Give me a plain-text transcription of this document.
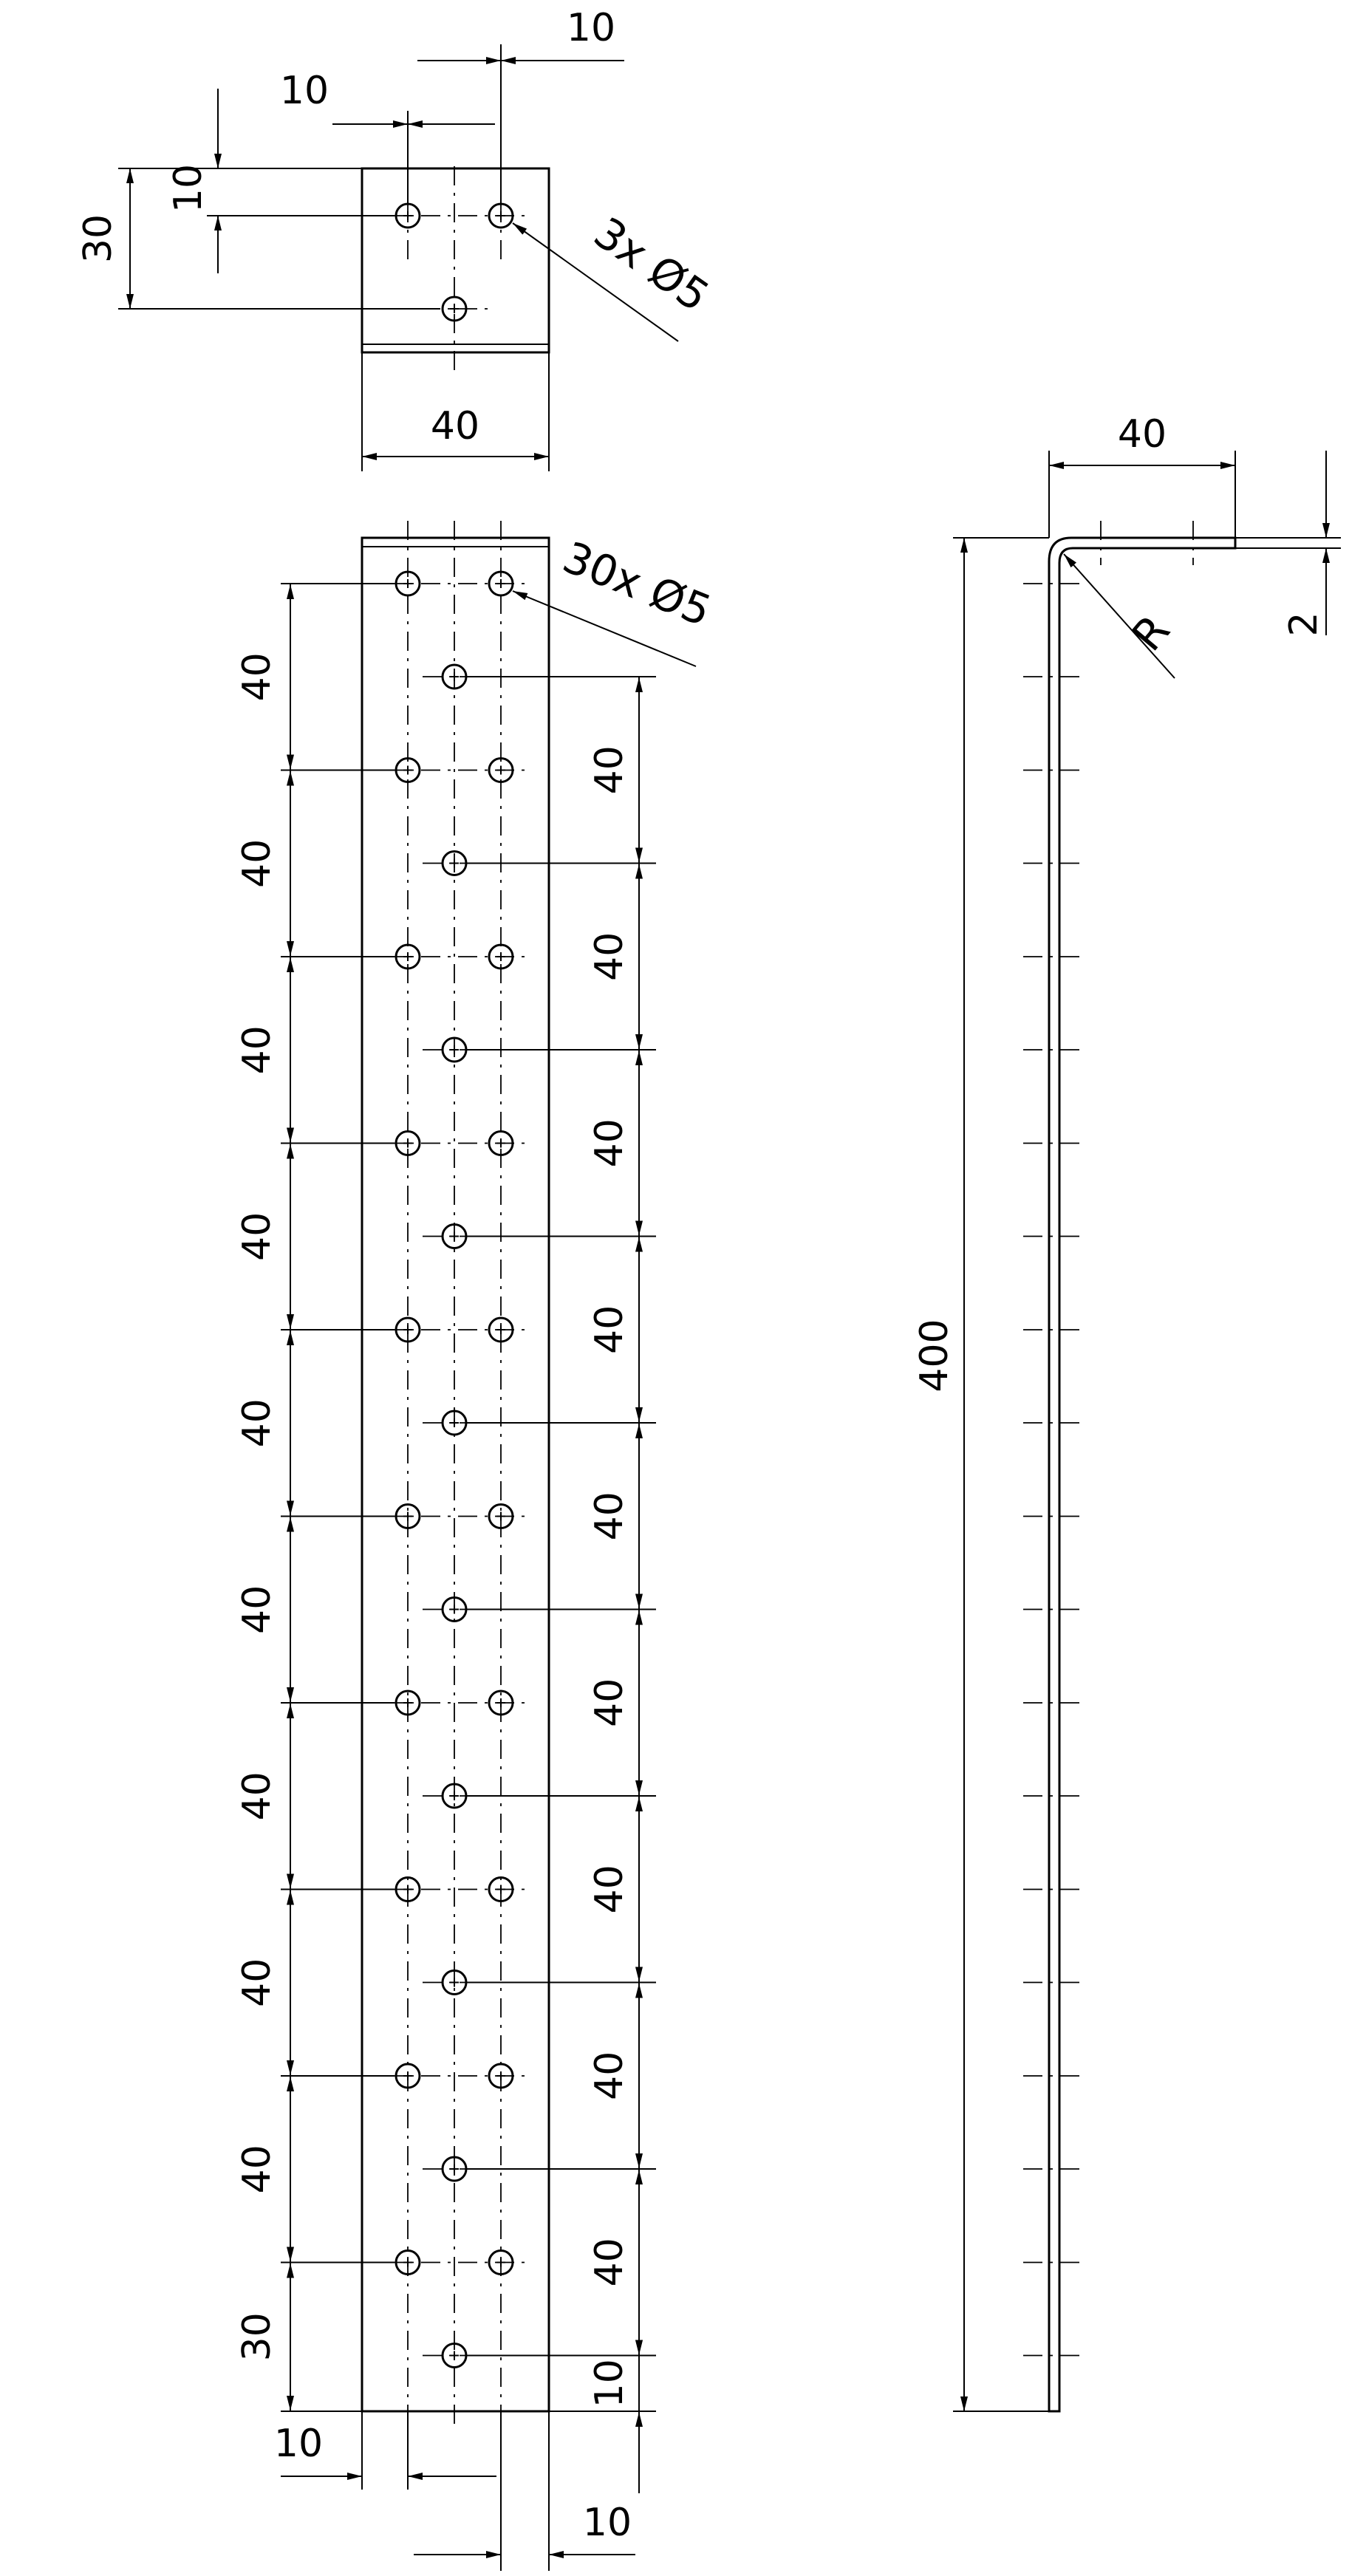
10
10
30
10
40
3x Ø5
40
40
40
40
40
40
40
40
40
30
40
40
40
40
40
40
40
40
40
10
30x Ø5
10
10
40
2
400
R
